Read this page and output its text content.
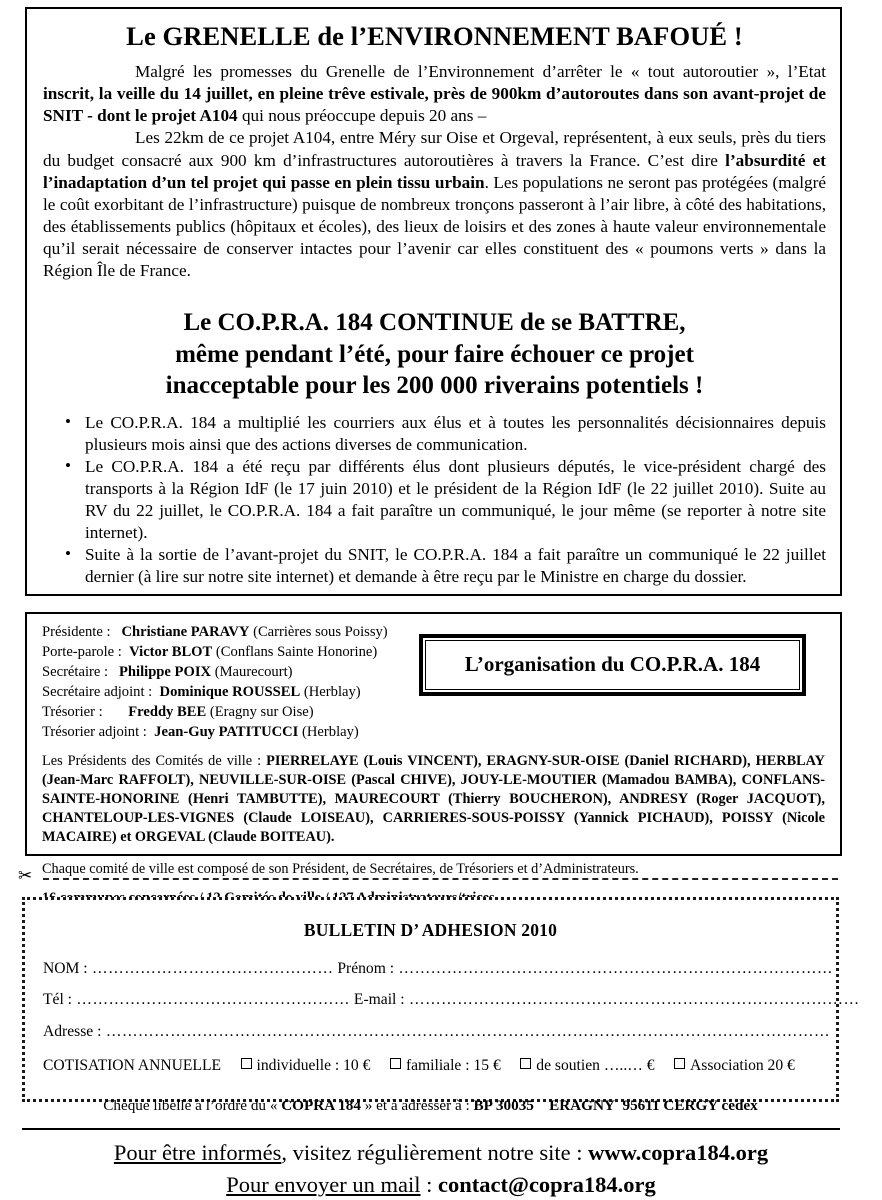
Le GRENELLE de l’ENVIRONNEMENT BAFOUÉ !

Malgré les promesses du Grenelle de l’Environnement d’arrêter le « tout autoroutier », l’Etat inscrit, la veille du 14 juillet, en pleine trêve estivale, près de 900km d’autoroutes dans son avant-projet de SNIT - dont le projet A104 qui nous préoccupe depuis 20 ans –

Les 22km de ce projet A104, entre Méry sur Oise et Orgeval, représentent, à eux seuls, près du tiers du budget consacré aux 900 km d’infrastructures autoroutières à travers la France. C’est dire l’absurdité et l’inadaptation d’un tel projet qui passe en plein tissu urbain. Les populations ne seront pas protégées (malgré le coût exorbitant de l’infrastructure) puisque de nombreux tronçons passeront à l’air libre, à côté des habitations, des établissements publics (hôpitaux et écoles), des lieux de loisirs et des zones à haute valeur environnementale qu’il serait nécessaire de conserver intactes pour l’avenir car elles constituent des « poumons verts » dans la Région Île de France.

Le CO.P.R.A. 184 CONTINUE de se BATTRE,
même pendant l’été, pour faire échouer ce projet
inacceptable pour les 200 000 riverains potentiels !
• Le CO.P.R.A. 184 a multiplié les courriers aux élus et à toutes les personnalités décisionnaires depuis plusieurs mois ainsi que des actions diverses de communication.
• Le CO.P.R.A. 184 a été reçu par différents élus dont plusieurs députés, le vice-président chargé des transports à la Région IdF (le 17 juin 2010) et le président de la Région IdF (le 22 juillet 2010). Suite au RV du 22 juillet, le CO.P.R.A. 184 a fait paraître un communiqué, le jour même (se reporter à notre site internet).
• Suite à la sortie de l’avant-projet du SNIT, le CO.P.R.A. 184 a fait paraître un communiqué le 22 juillet dernier (à lire sur notre site internet) et demande à être reçu par le Ministre en charge du dossier.
L’organisation du CO.P.R.A. 184
Présidente : Christiane PARAVY (Carrières sous Poissy)
Porte-parole : Victor BLOT (Conflans Sainte Honorine)
Secrétaire : Philippe POIX (Maurecourt)
Secrétaire adjoint : Dominique ROUSSEL (Herblay)
Trésorier : Freddy BEE (Eragny sur Oise)
Trésorier adjoint : Jean-Guy PATITUCCI (Herblay)

Les Présidents des Comités de ville : PIERRELAYE (Louis VINCENT), ERAGNY-SUR-OISE (Daniel RICHARD), HERBLAY (Jean-Marc RAFFOLT), NEUVILLE-SUR-OISE (Pascal CHIVE), JOUY-LE-MOUTIER (Mamadou BAMBA), CONFLANS-SAINTE-HONORINE (Henri TAMBUTTE), MAURECOURT (Thierry BOUCHERON), ANDRESY (Roger JACQUOT), CHANTELOUP-LES-VIGNES (Claude LOISEAU), CARRIERES-SOUS-POISSY (Yannick PICHAUD), POISSY (Nicole MACAIRE) et ORGEVAL (Claude BOITEAU).

Chaque comité de ville est composé de son Président, de Secrétaires, de Trésoriers et d’Administrateurs.

✂
BULLETIN D’ ADHESION 2010
NOM : ……………………………………… Prénom : ………………………………………………………………………
Tél : …………………………………………… E-mail : …………………………………………………………………………
Adresse : ………………………………………………………………………………………………………………………
COTISATION ANNUELLE individuelle : 10 € familiale : 15 € de soutien …..… € Association 20 €
Chèque libellé à l’ordre du « COPRA 184 » et à adresser à : BP 30035    ERAGNY  95611 CERGY cedex
Pour être informés, visitez régulièrement notre site : www.copra184.org
Pour envoyer un mail : contact@copra184.org
